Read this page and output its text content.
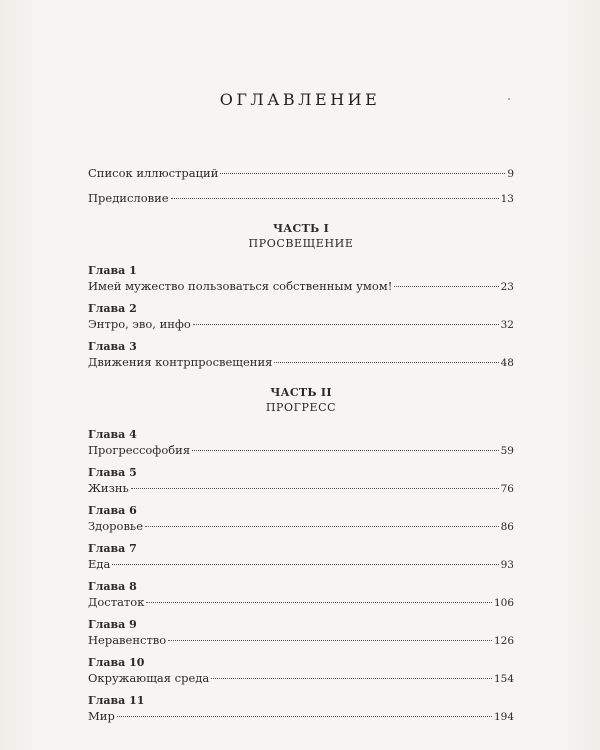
ОГЛАВЛЕНИЕ
Список иллюстраций	9
Предисловие	13
ЧАСТЬ I
ПРОСВЕЩЕНИЕ
Глава 1
Имей мужество пользоваться собственным умом!	23
Глава 2
Энтро, эво, инфо	32
Глава 3
Движения контрпросвещения	48
ЧАСТЬ II
ПРОГРЕСС
Глава 4
Прогрессофобия	59
Глава 5
Жизнь	76
Глава 6
Здоровье	86
Глава 7
Еда	93
Глава 8
Достаток	106
Глава 9
Неравенство	126
Глава 10
Окружающая среда	154
Глава 11
Мир	194
